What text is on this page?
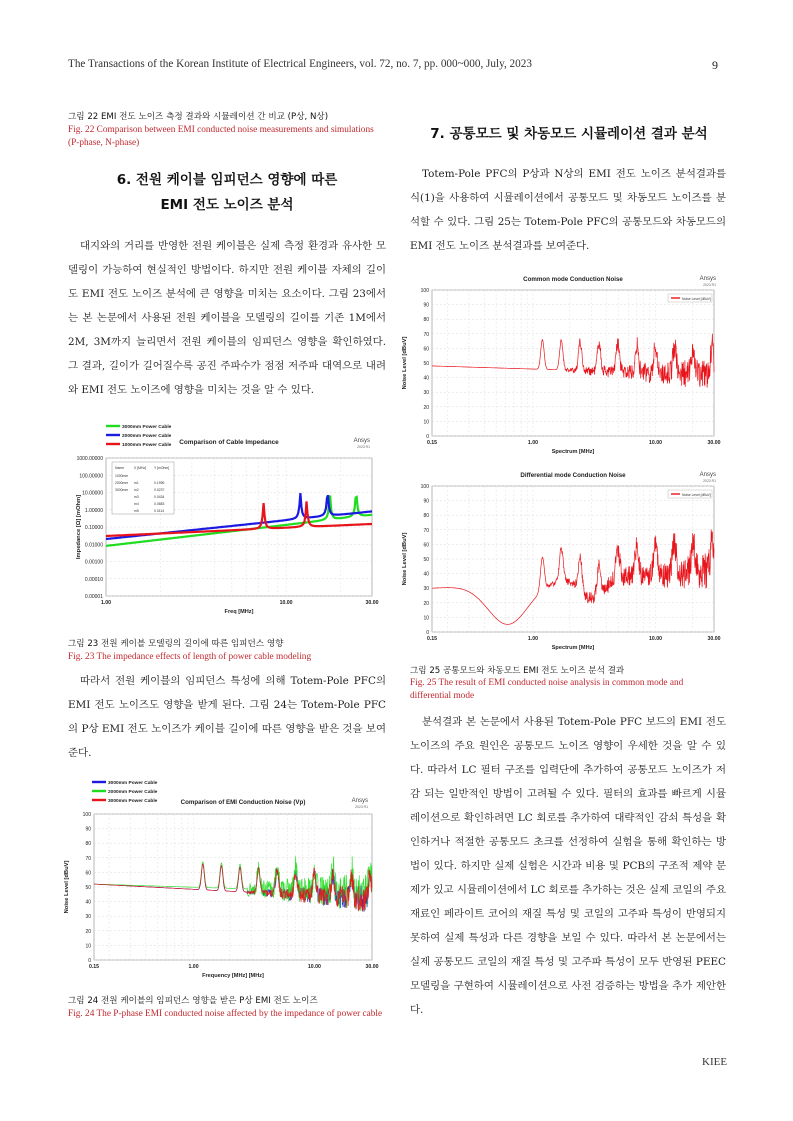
The Transactions of the Korean Institute of Electrical Engineers, vol. 72, no. 7, pp. 000~000, July, 2023	9
그림 22 EMI 전도 노이즈 측정 결과와 시뮬레이션 간 비교 (P상, N상)
Fig. 22 Comparison between EMI conducted noise measurements and simulations (P-phase, N-phase)
6. 전원 케이블 임피던스 영향에 따른
EMI 전도 노이즈 분석

대지와의 거리를 반영한 전원 케이블은 실제 측정 환경과 유사한 모델링이 가능하여 현실적인 방법이다. 하지만 전원 케이블 자체의 길이도 EMI 전도 노이즈 분석에 큰 영향을 미치는 요소이다. 그림 23에서는 본 논문에서 사용된 전원 케이블을 모델링의 길이를 기존 1M에서 2M, 3M까지 늘리면서 전원 케이블의 임피던스 영향을 확인하였다. 그 결과, 길이가 길어질수록 공진 주파수가 점점 저주파 대역으로 내려와 EMI 전도 노이즈에 영향을 미치는 것을 알 수 있다.

0.00001
0.00010
0.00100
0.01000
0.10000
1.00000
10.00000
100.00000
1000.00000
1.00	10.00	30.00
Freq [MHz]
Impedance [Ω] [mOhm]
Comparison of Cable Impedance	Ansys
2023 R1
3000mm Power Cable
2000mm Power Cable
1000mm Power Cable
Name	X [MHz] Y [mOhm]
1000mm
2000mm m1	0.1996
3000mm m2	0.0237
m3	0.0434
m4	0.0883
m5	0.0114
그림 23 전원 케이블 모델링의 길이에 따른 임피던스 영향
Fig. 23 The impedance effects of length of power cable modeling

따라서 전원 케이블의 임피던스 특성에 의해 Totem-Pole PFC의 EMI 전도 노이즈도 영향을 받게 된다. 그림 24는 Totem-Pole PFC의 P상 EMI 전도 노이즈가 케이블 길이에 따른 영향을 받은 것을 보여준다.

0
10
20
30
40
50
60
70
80
90
100
0.15	1.00	10.00	30.00
Frequency [MHz] [MHz]
Noise Level [dBuV]
Comparison of EMI Conduction Noise (Vp)	Ansys
2023 R1
3000mm Power Cable
2000mm Power Cable
3000mm Power Cable
그림 24 전원 케이블의 임피던스 영향을 받은 P상 EMI 전도 노이즈
Fig. 24 The P-phase EMI conducted noise affected by the impedance of power cable
7. 공통모드 및 차동모드 시뮬레이션 결과 분석

Totem-Pole PFC의 P상과 N상의 EMI 전도 노이즈 분석결과를 식(1)을 사용하여 시뮬레이션에서 공통모드 및 차동모드 노이즈를 분석할 수 있다. 그림 25는 Totem-Pole PFC의 공통모드와 차동모드의 EMI 전도 노이즈 분석결과를 보여준다.

0
10
20
30
40
50
60
70
80
90
100
0.15	1.00	10.00	30.00
Spectrum [MHz]
Noise Level [dBuV]
Common mode Conduction Noise	Ansys
2023 R1
Noise Level [dBuV]
0
10
20
30
40
50
60
70
80
90
100
0.15	1.00	10.00	30.00
Spectrum [MHz]
Noise Level [dBuV]
Differential mode Conduction Noise	Ansys
2023 R1
Noise Level [dBuV]
그림 25 공통모드와 차동모드 EMI 전도 노이즈 분석 결과
Fig. 25 The result of EMI conducted noise analysis in common mode and differential mode

분석결과 본 논문에서 사용된 Totem-Pole PFC 보드의 EMI 전도 노이즈의 주요 원인은 공통모드 노이즈 영향이 우세한 것을 알 수 있다. 따라서 LC 필터 구조를 입력단에 추가하여 공통모드 노이즈가 저감 되는 일반적인 방법이 고려될 수 있다. 필터의 효과를 빠르게 시뮬레이션으로 확인하려면 LC 회로를 추가하여 대략적인 감쇠 특성을 확인하거나 적절한 공통모드 초크를 선정하여 실험을 통해 확인하는 방법이 있다. 하지만 실제 실험은 시간과 비용 및 PCB의 구조적 제약 문제가 있고 시뮬레이션에서 LC 회로를 추가하는 것은 실제 코일의 주요 재료인 페라이트 코어의 재질 특성 및 코일의 고주파 특성이 반영되지 못하여 실제 특성과 다른 경향을 보일 수 있다. 따라서 본 논문에서는 실제 공통모드 코일의 재질 특성 및 고주파 특성이 모두 반영된 PEEC 모델링을 구현하여 시뮬레이션으로 사전 검증하는 방법을 추가 제안한다.

KIEE
